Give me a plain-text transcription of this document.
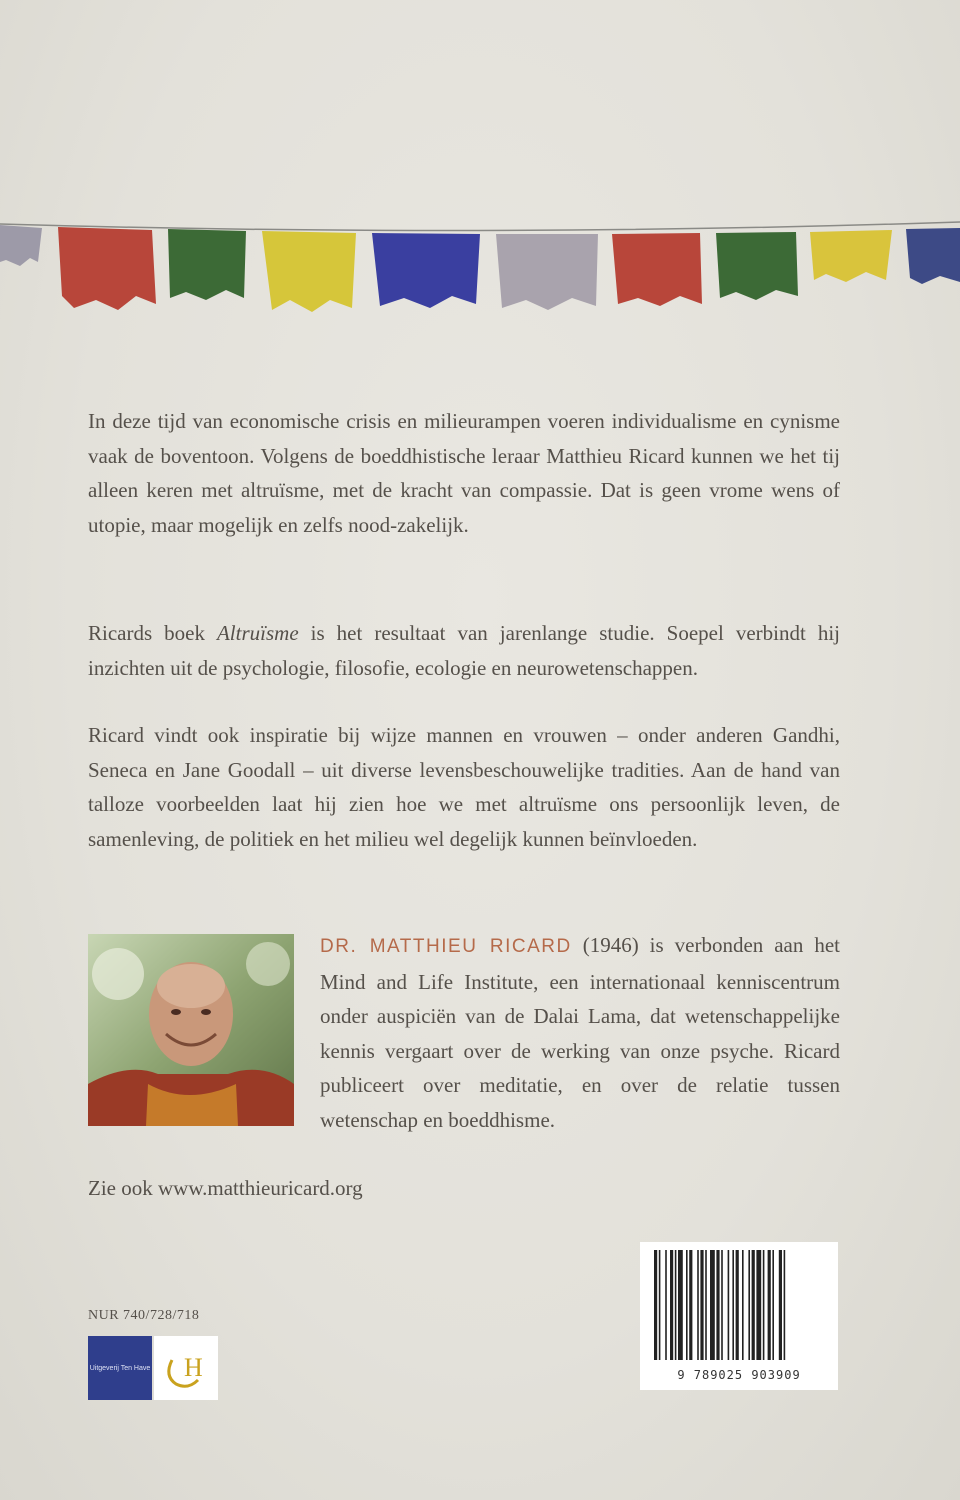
In deze tijd van economische crisis en milieurampen voeren individualisme en cynisme vaak de boventoon. Volgens de boeddhistische leraar Matthieu Ricard kunnen we het tij alleen keren met altruïsme, met de kracht van compassie. Dat is geen vrome wens of utopie, maar mogelijk en zelfs nood-zakelijk.
Ricards boek Altruïsme is het resultaat van jarenlange studie. Soepel verbindt hij inzichten uit de psychologie, filosofie, ecologie en neurowetenschappen.
Ricard vindt ook inspiratie bij wijze mannen en vrouwen – onder anderen Gandhi, Seneca en Jane Goodall – uit diverse levensbeschouwelijke tradities. Aan de hand van talloze voorbeelden laat hij zien hoe we met altruïsme ons persoonlijk leven, de samenleving, de politiek en het milieu wel degelijk kunnen beïnvloeden.
DR. MATTHIEU RICARD (1946) is verbonden aan het Mind and Life Institute, een internationaal kenniscentrum onder auspiciën van de Dalai Lama, dat wetenschappelijke kennis vergaart over de werking van onze psyche. Ricard publiceert over meditatie, en over de relatie tussen wetenschap en boeddhisme.
Zie ook www.matthieuricard.org
NUR 740/728/718
Uitgeverij Ten Have H	9 789025 903909
